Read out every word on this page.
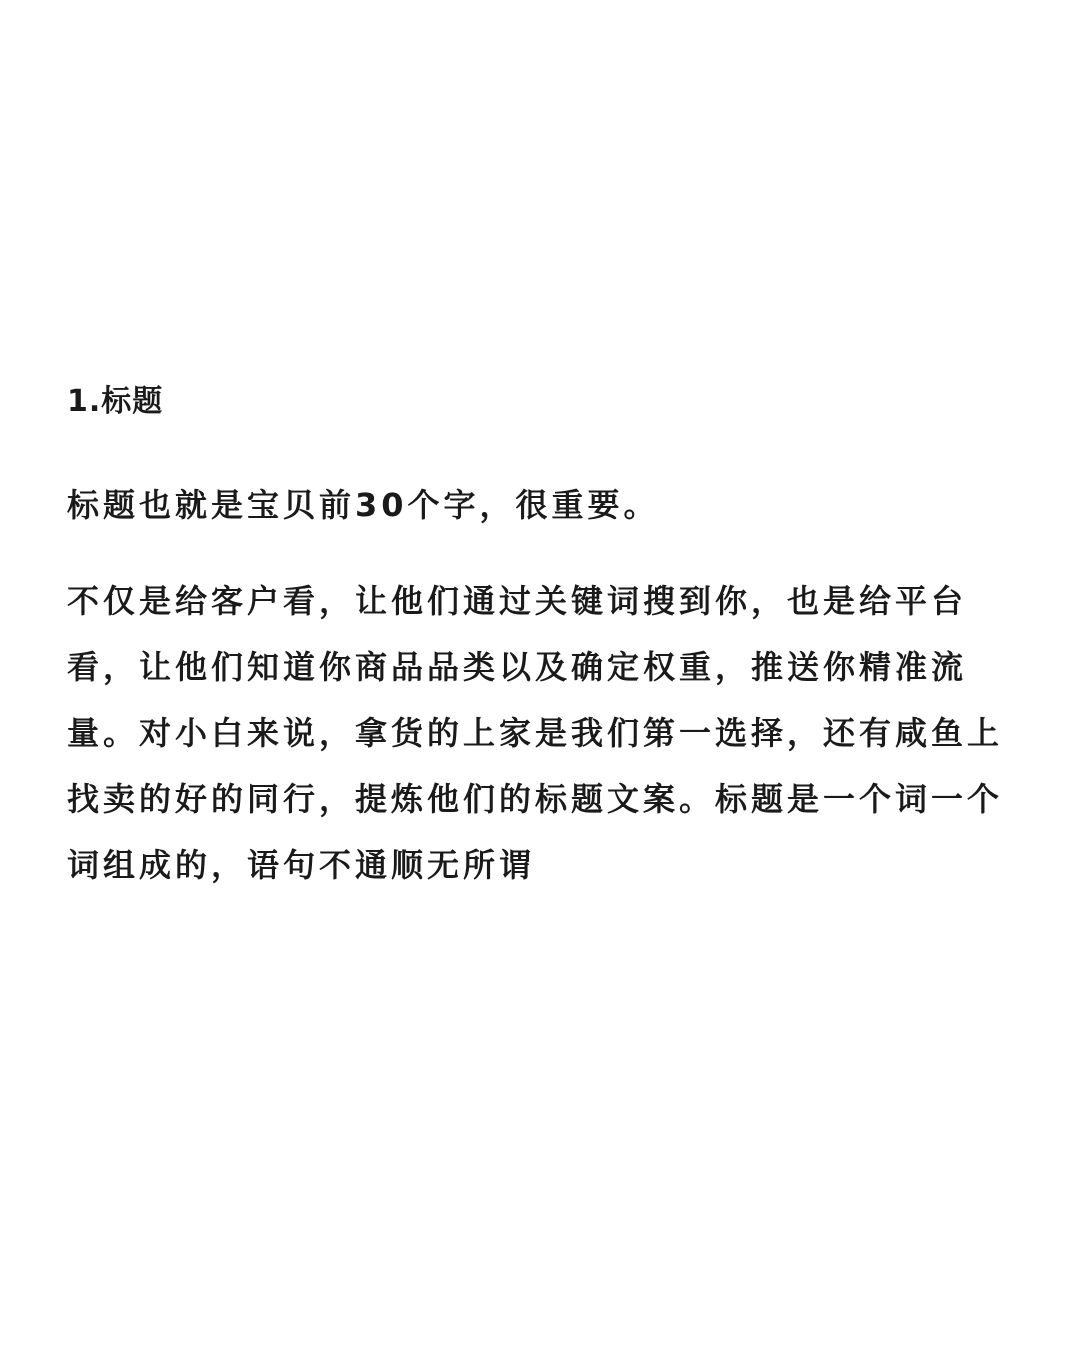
1.标题

标题也就是宝贝前30个字，很重要。

不仅是给客户看，让他们通过关键词搜到你，也是给平台
看，让他们知道你商品品类以及确定权重，推送你精准流
量。对小白来说，拿货的上家是我们第一选择，还有咸鱼上
找卖的好的同行，提炼他们的标题文案。标题是一个词一个
词组成的，语句不通顺无所谓
